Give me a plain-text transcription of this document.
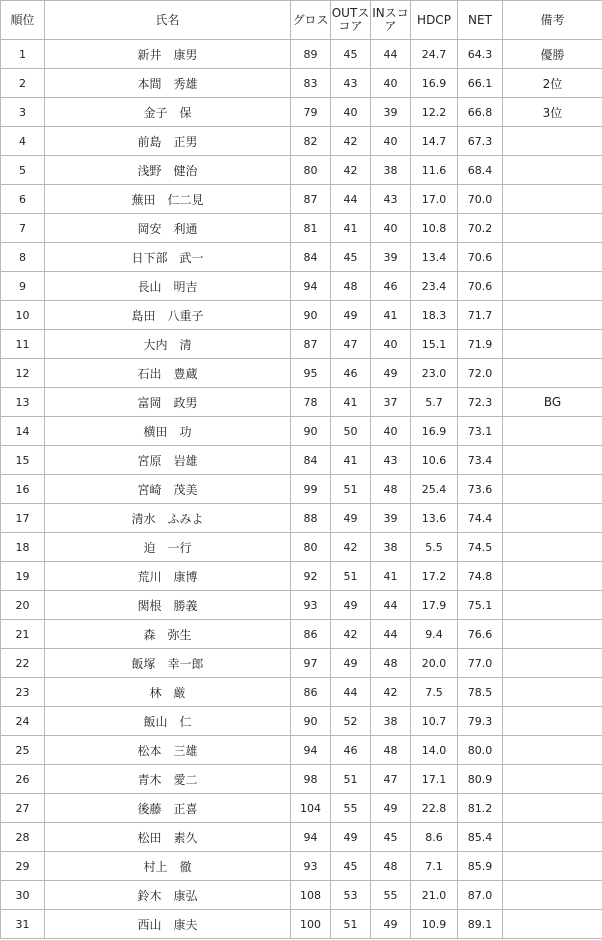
順位	氏名	グロス	OUTスコア	INスコア	HDCP	NET	備考
1	新井　康男	89	45	44	24.7	64.3	優勝
2	本間　秀雄	83	43	40	16.9	66.1	2位
3	金子　保	79	40	39	12.2	66.8	3位
4	前島　正男	82	42	40	14.7	67.3	
5	浅野　健治	80	42	38	11.6	68.4	
6	蕪田　仁二見	87	44	43	17.0	70.0	
7	岡安　利通	81	41	40	10.8	70.2	
8	日下部　武一	84	45	39	13.4	70.6	
9	長山　明吉	94	48	46	23.4	70.6	
10	島田　八重子	90	49	41	18.3	71.7	
11	大内　清	87	47	40	15.1	71.9	
12	石出　豊蔵	95	46	49	23.0	72.0	
13	富岡　政男	78	41	37	5.7	72.3	BG
14	横田　功	90	50	40	16.9	73.1	
15	宮原　岩雄	84	41	43	10.6	73.4	
16	宮崎　茂美	99	51	48	25.4	73.6	
17	清水　ふみよ	88	49	39	13.6	74.4	
18	迫　一行	80	42	38	5.5	74.5	
19	荒川　康博	92	51	41	17.2	74.8	
20	関根　勝義	93	49	44	17.9	75.1	
21	森　弥生	86	42	44	9.4	76.6	
22	飯塚　幸一郎	97	49	48	20.0	77.0	
23	林　厳	86	44	42	7.5	78.5	
24	飯山　仁	90	52	38	10.7	79.3	
25	松本　三雄	94	46	48	14.0	80.0	
26	青木　愛二	98	51	47	17.1	80.9	
27	後藤　正喜	104	55	49	22.8	81.2	
28	松田　素久	94	49	45	8.6	85.4	
29	村上　徹	93	45	48	7.1	85.9	
30	鈴木　康弘	108	53	55	21.0	87.0	
31	西山　康夫	100	51	49	10.9	89.1	
